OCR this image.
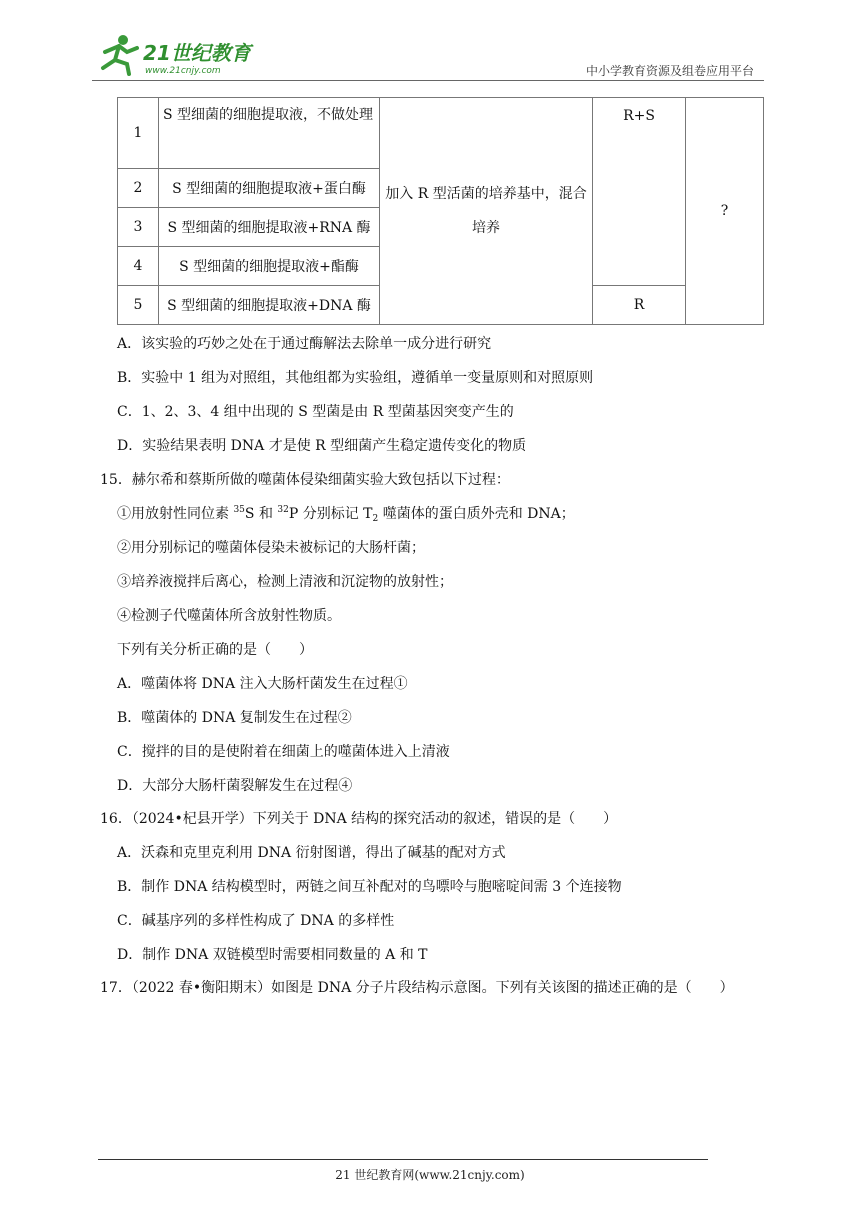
21世纪教育
www.21cnjy.com	中小学教育资源及组卷应用平台
1	S 型细菌的细胞提取液，不做处理	加入 R 型活菌的培养基中，混合培养	R+S	?
2	S 型细菌的细胞提取液+蛋白酶			
3	S 型细菌的细胞提取液+RNA 酶			
4	S 型细菌的细胞提取液+酯酶			
5	S 型细菌的细胞提取液+DNA 酶		R	
A．该实验的巧妙之处在于通过酶解法去除单一成分进行研究
B．实验中 1 组为对照组，其他组都为实验组，遵循单一变量原则和对照原则
C．1、2、3、4 组中出现的 S 型菌是由 R 型菌基因突变产生的
D．实验结果表明 DNA 才是使 R 型细菌产生稳定遗传变化的物质
15．赫尔希和蔡斯所做的噬菌体侵染细菌实验大致包括以下过程：
①用放射性同位素 $^{35}$S 和 $^{32}$P 分别标记 $T_2$ 噬菌体的蛋白质外壳和 DNA；
②用分别标记的噬菌体侵染未被标记的大肠杆菌；
③培养液搅拌后离心，检测上清液和沉淀物的放射性；
④检测子代噬菌体所含放射性物质。
下列有关分析正确的是（　　）
A．噬菌体将 DNA 注入大肠杆菌发生在过程①
B．噬菌体的 DNA 复制发生在过程②
C．搅拌的目的是使附着在细菌上的噬菌体进入上清液
D．大部分大肠杆菌裂解发生在过程④
16．（2024•杞县开学）下列关于 DNA 结构的探究活动的叙述，错误的是（　　）
A．沃森和克里克利用 DNA 衍射图谱，得出了碱基的配对方式
B．制作 DNA 结构模型时，两链之间互补配对的鸟嘌呤与胞嘧啶间需 3 个连接物
C．碱基序列的多样性构成了 DNA 的多样性
D．制作 DNA 双链模型时需要相同数量的 A 和 T
17．（2022 春•衡阳期末）如图是 DNA 分子片段结构示意图。下列有关该图的描述正确的是（　　）
21 世纪教育网(www.21cnjy.com)
